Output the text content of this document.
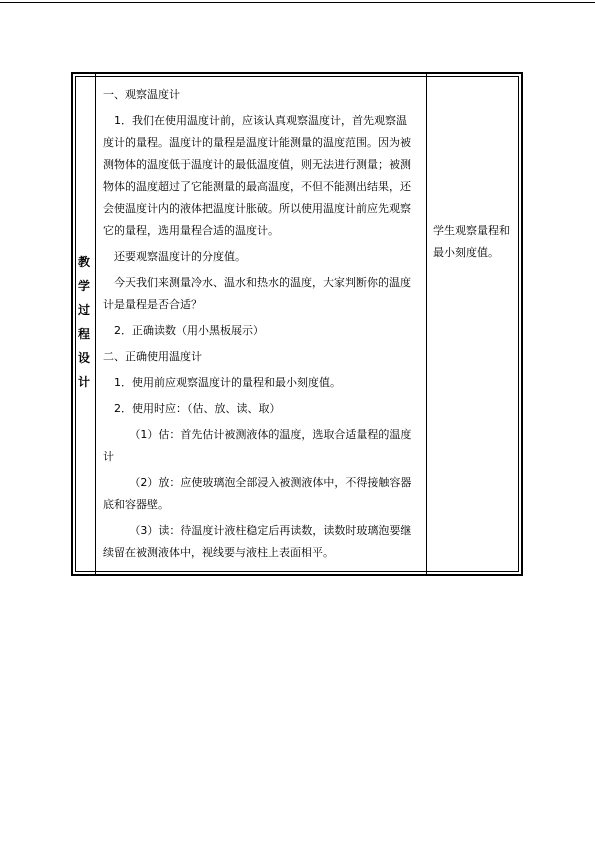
教
学
过
程
设
计

一、观察温度计

1．我们在使用温度计前，应该认真观察温度计，首先观察温度计的量程。温度计的量程是温度计能测量的温度范围。因为被测物体的温度低于温度计的最低温度值，则无法进行测量；被测物体的温度超过了它能测量的最高温度，不但不能测出结果，还会使温度计内的液体把温度计胀破。所以使用温度计前应先观察它的量程，选用量程合适的温度计。

还要观察温度计的分度值。

今天我们来测量冷水、温水和热水的温度，大家判断你的温度计是量程是否合适？

2．正确读数（用小黑板展示）

二、正确使用温度计

1．使用前应观察温度计的量程和最小刻度值。

2．使用时应：（估、放、读、取）

（1）估：首先估计被测液体的温度，选取合适量程的温度计

（2）放：应使玻璃泡全部浸入被测液体中，不得接触容器底和容器壁。

（3）读：待温度计液柱稳定后再读数，读数时玻璃泡要继续留在被测液体中，视线要与液柱上表面相平。

学生观察量程和最小刻度值。
